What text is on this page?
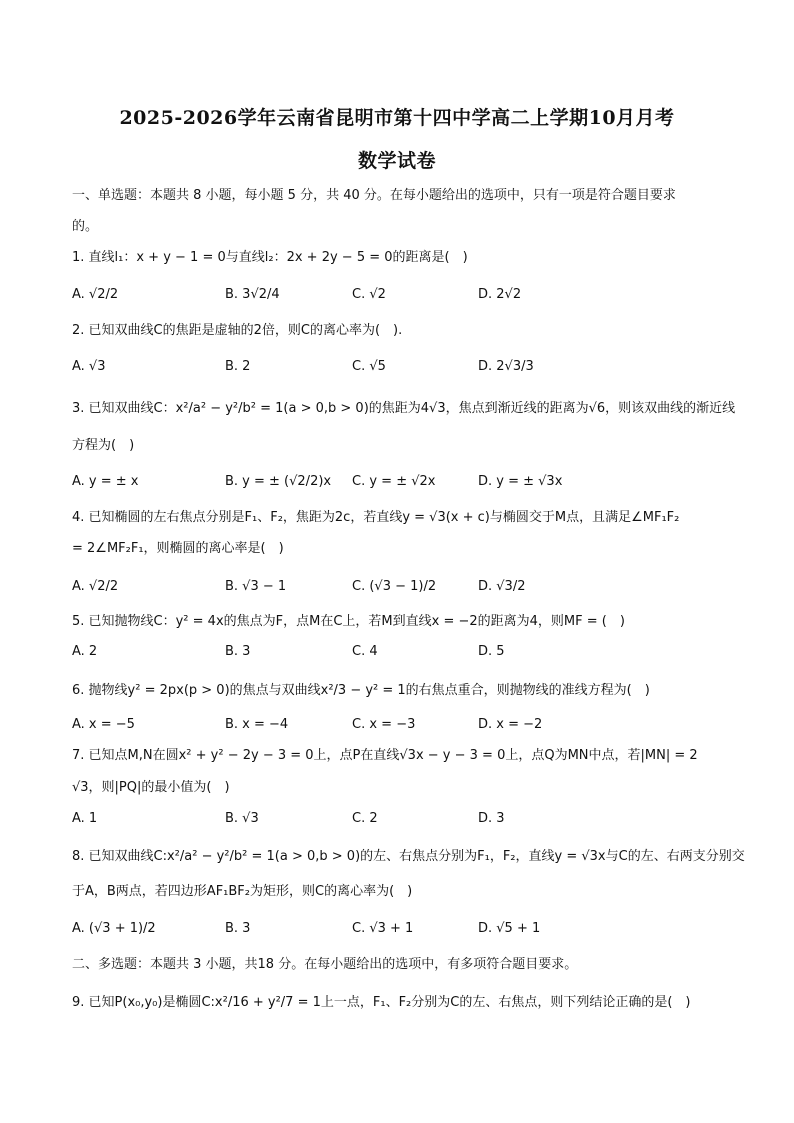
2025-2026学年云南省昆明市第十四中学高二上学期10月月考
数学试卷
一、单选题：本题共 8 小题，每小题 5 分，共 40 分。在每小题给出的选项中，只有一项是符合题目要求
的。
1. 直线l₁：x + y − 1 = 0与直线l₂：2x + 2y − 5 = 0的距离是(　)
A. √2/2	B. 3√2/4	C. √2	D. 2√2
2. 已知双曲线C的焦距是虚轴的2倍，则C的离心率为(　).
A. √3	B. 2	C. √5	D. 2√3/3
3. 已知双曲线C：x²/a² − y²/b² = 1(a > 0,b > 0)的焦距为4√3，焦点到渐近线的距离为√6，则该双曲线的渐近线
方程为(　)
A. y = ± x	B. y = ± (√2/2)x C. y = ± √2x	D. y = ± √3x
4. 已知椭圆的左右焦点分别是F₁、F₂，焦距为2c，若直线y = √3(x + c)与椭圆交于M点，且满足∠MF₁F₂
= 2∠MF₂F₁，则椭圆的离心率是(　)
A. √2/2	B. √3 − 1	C. (√3 − 1)/2	D. √3/2
5. 已知抛物线C：y² = 4x的焦点为F，点M在C上，若M到直线x = −2的距离为4，则MF = (　)
A. 2	B. 3	C. 4	D. 5
6. 抛物线y² = 2px(p > 0)的焦点与双曲线x²/3 − y² = 1的右焦点重合，则抛物线的准线方程为(　)
A. x = −5	B. x = −4	C. x = −3	D. x = −2
7. 已知点M,N在圆x² + y² − 2y − 3 = 0上，点P在直线√3x − y − 3 = 0上，点Q为MN中点，若|MN| = 2
√3，则|PQ|的最小值为(　)
A. 1	B. √3	C. 2	D. 3
8. 已知双曲线C:x²/a² − y²/b² = 1(a > 0,b > 0)的左、右焦点分别为F₁，F₂，直线y = √3x与C的左、右两支分别交
于A，B两点，若四边形AF₁BF₂为矩形，则C的离心率为(　)
A. (√3 + 1)/2	B. 3	C. √3 + 1	D. √5 + 1
二、多选题：本题共 3 小题，共18 分。在每小题给出的选项中，有多项符合题目要求。
9. 已知P(x₀,y₀)是椭圆C:x²/16 + y²/7 = 1上一点，F₁、F₂分别为C的左、右焦点，则下列结论正确的是(　)
